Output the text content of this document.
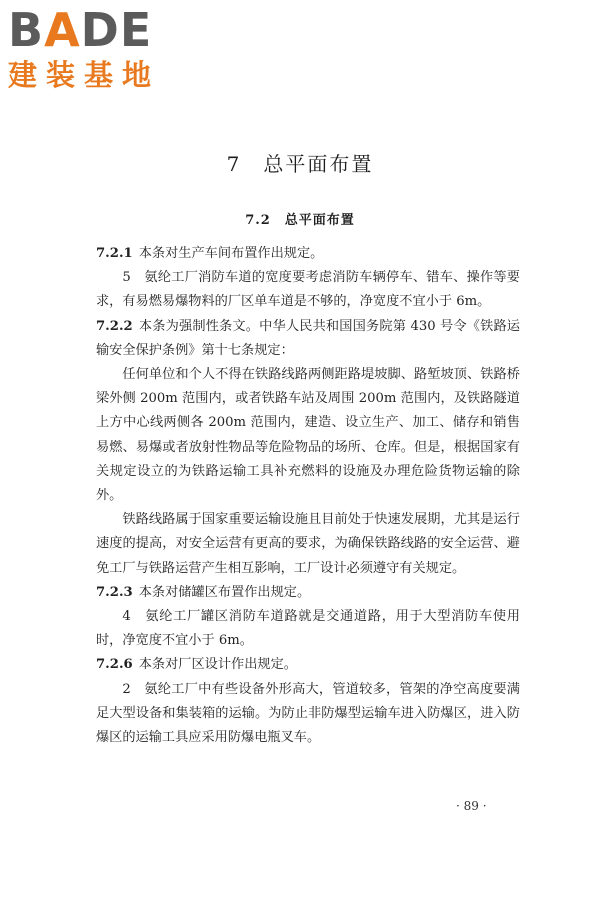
BADE
建装基地
7　总平面布置
7.2　总平面布置

7.2.1 本条对生产车间布置作出规定。

5　氨纶工厂消防车道的宽度要考虑消防车辆停车、错车、操作等要求，有易燃易爆物料的厂区单车道是不够的，净宽度不宜小于 6m。

7.2.2 本条为强制性条文。中华人民共和国国务院第 430 号令《铁路运输安全保护条例》第十七条规定：

任何单位和个人不得在铁路线路两侧距路堤坡脚、路堑坡顶、铁路桥梁外侧 200m 范围内，或者铁路车站及周围 200m 范围内，及铁路隧道上方中心线两侧各 200m 范围内，建造、设立生产、加工、储存和销售易燃、易爆或者放射性物品等危险物品的场所、仓库。但是，根据国家有关规定设立的为铁路运输工具补充燃料的设施及办理危险货物运输的除外。

铁路线路属于国家重要运输设施且目前处于快速发展期，尤其是运行速度的提高，对安全运营有更高的要求，为确保铁路线路的安全运营、避免工厂与铁路运营产生相互影响，工厂设计必须遵守有关规定。

7.2.3 本条对储罐区布置作出规定。

4　氨纶工厂罐区消防车道路就是交通道路，用于大型消防车使用时，净宽度不宜小于 6m。

7.2.6 本条对厂区设计作出规定。

2　氨纶工厂中有些设备外形高大，管道较多，管架的净空高度要满足大型设备和集装箱的运输。为防止非防爆型运输车进入防爆区，进入防爆区的运输工具应采用防爆电瓶叉车。

· 89 ·
